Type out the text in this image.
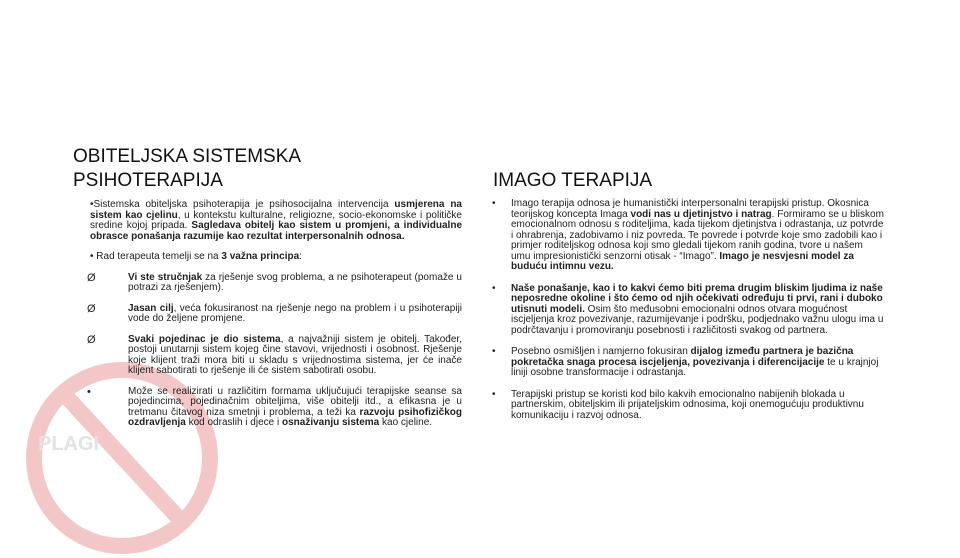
PLAGI
OBITELJSKA SISTEMSKA
PSIHOTERAPIJA	IMAGO TERAPIJA

•Sistemska obiteljska psihoterapija je psihosocijalna intervencija usmjerena na sistem kao cjelinu, u kontekstu kulturalne, religiozne, socio-ekonomske i političke sredine kojoj pripada. Sagledava obitelj kao sistem u promjeni, a individualne obrasce ponašanja razumije kao rezultat interpersonalnih odnosa.

• Rad terapeuta temelji se na 3 važna principa:

Ø	Vi ste stručnjak za rješenje svog problema, a ne psihoterapeut (pomaže u potrazi za rješenjem).
Ø	Jasan cilj, veća fokusiranost na rješenje nego na problem i u psihoterapiji vode do željene promjene.
Ø	Svaki pojedinac je dio sistema, a najvažniji sistem je obitelj. Također, postoji unutarnji sistem kojeg čine stavovi, vrijednosti i osobnost. Rješenje koje klijent traži mora biti u skladu s vrijednostima sistema, jer će inače klijent sabotirati to rješenje ili će sistem sabotirati osobu.
•	Može se realizirati u različitim formama uključujući terapijske seanse sa pojedincima, pojedinačnim obiteljima, više obitelji itd., a efikasna je u tretmanu čitavog niza smetnji i problema, a teži ka razvoju psihofizičkog ozdravljenja kod odraslih i djece i osnaživanju sistema kao cjeline.
• Imago terapija odnosa je humanistički interpersonalni terapijski pristup. Okosnica teorijskog koncepta Imaga vodi nas u djetinjstvo i natrag. Formiramo se u bliskom emocionalnom odnosu s roditeljima, kada tijekom djetinjstva i odrastanja, uz potvrde i ohrabrenja, zadobivamo i niz povreda. Te povrede i potvrde koje smo zadobili kao i primjer roditeljskog odnosa koji smo gledali tijekom ranih godina, tvore u našem umu impresionistički senzorni otisak - “Imago”. Imago je nesvjesni model za buduću intimnu vezu.
• Naše ponašanje, kao i to kakvi ćemo biti prema drugim bliskim ljudima iz naše neposredne okoline i što ćemo od njih očekivati određuju ti prvi, rani i duboko utisnuti modeli. Osim što međusobni emocionalni odnos otvara mogućnost iscjeljenja kroz povezivanje, razumijevanje i podršku, podjednako važnu ulogu ima u podrčtavanju i promoviranju posebnosti i različitosti svakog od partnera.
• Posebno osmišljen i namjerno fokusiran dijalog između partnera je bazična pokretačka snaga procesa iscjeljenja, povezivanja i diferencijacije te u krajnjoj liniji osobne transformacije i odrastanja.
• Terapijski pristup se koristi kod bilo kakvih emocionalno nabijenih blokada u partnerskim, obiteljskim ili prijateljskim odnosima, koji onemogućuju produktivnu komunikaciju i razvoj odnosa.
